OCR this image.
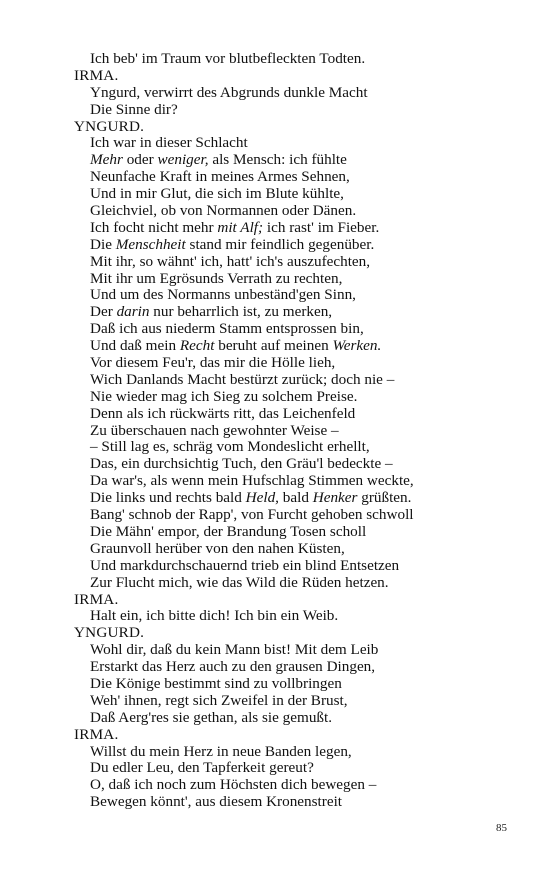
Ich beb' im Traum vor blutbefleckten Todten.
IRMA.
Yngurd, verwirrt des Abgrunds dunkle Macht
Die Sinne dir?
YNGURD.
Ich war in dieser Schlacht
Mehr oder weniger, als Mensch: ich fühlte
Neunfache Kraft in meines Armes Sehnen,
Und in mir Glut, die sich im Blute kühlte,
Gleichviel, ob von Normannen oder Dänen.
Ich focht nicht mehr mit Alf; ich rast' im Fieber.
Die Menschheit stand mir feindlich gegenüber.
Mit ihr, so wähnt' ich, hatt' ich's auszufechten,
Mit ihr um Egrösunds Verrath zu rechten,
Und um des Normanns unbeständ'gen Sinn,
Der darin nur beharrlich ist, zu merken,
Daß ich aus niederm Stamm entsprossen bin,
Und daß mein Recht beruht auf meinen Werken.
Vor diesem Feu'r, das mir die Hölle lieh,
Wich Danlands Macht bestürzt zurück; doch nie –
Nie wieder mag ich Sieg zu solchem Preise.
Denn als ich rückwärts ritt, das Leichenfeld
Zu überschauen nach gewohnter Weise –
– Still lag es, schräg vom Mondeslicht erhellt,
Das, ein durchsichtig Tuch, den Gräu'l bedeckte –
Da war's, als wenn mein Hufschlag Stimmen weckte,
Die links und rechts bald Held, bald Henker grüßten.
Bang' schnob der Rapp', von Furcht gehoben schwoll
Die Mähn' empor, der Brandung Tosen scholl
Graunvoll herüber von den nahen Küsten,
Und markdurchschauernd trieb ein blind Entsetzen
Zur Flucht mich, wie das Wild die Rüden hetzen.
IRMA.
Halt ein, ich bitte dich! Ich bin ein Weib.
YNGURD.
Wohl dir, daß du kein Mann bist! Mit dem Leib
Erstarkt das Herz auch zu den grausen Dingen,
Die Könige bestimmt sind zu vollbringen
Weh' ihnen, regt sich Zweifel in der Brust,
Daß Aerg'res sie gethan, als sie gemußt.
IRMA.
Willst du mein Herz in neue Banden legen,
Du edler Leu, den Tapferkeit gereut?
O, daß ich noch zum Höchsten dich bewegen –
Bewegen könnt', aus diesem Kronenstreit
85
